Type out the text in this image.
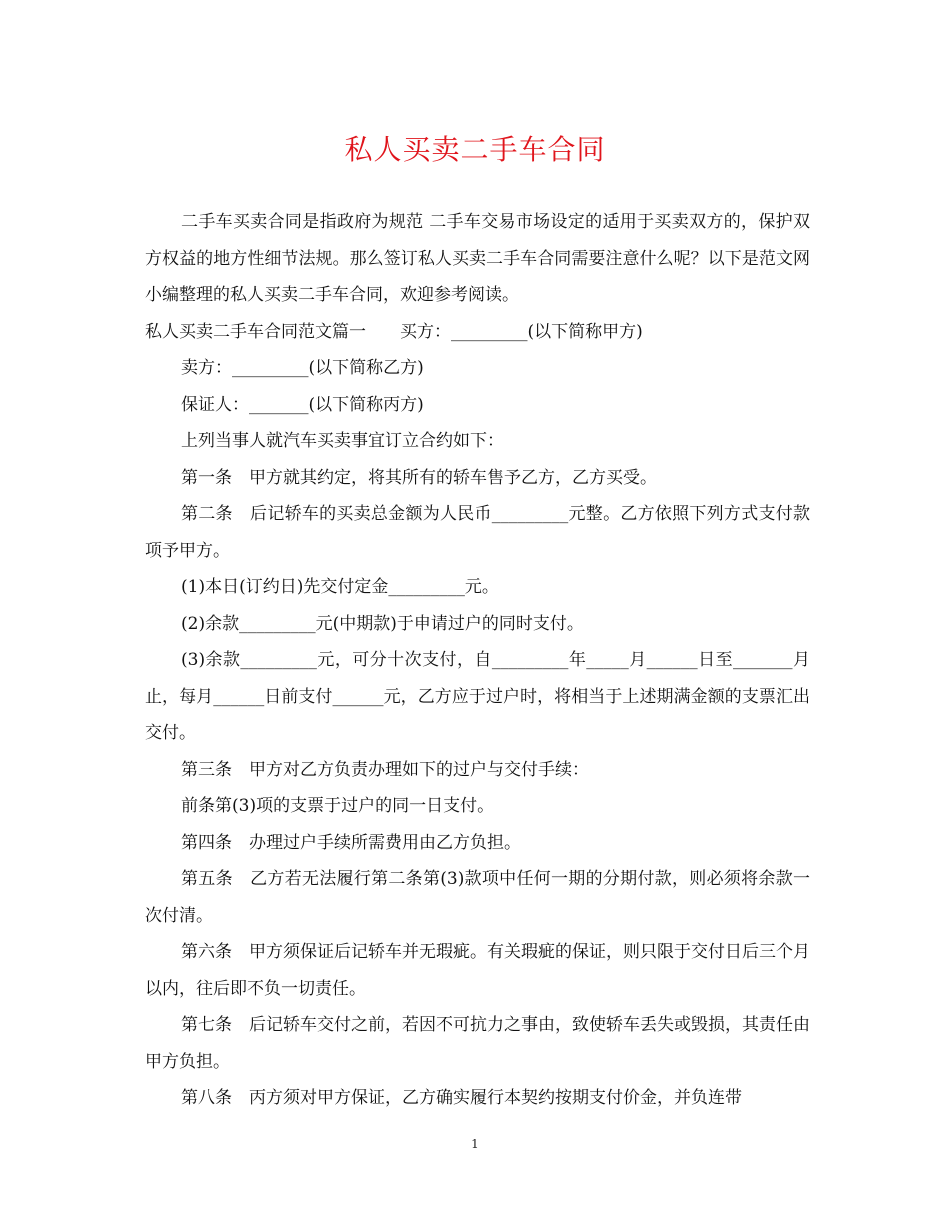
私人买卖二手车合同

二手车买卖合同是指政府为规范 二手车交易市场设定的适用于买卖双方的，保护双方权益的地方性细节法规。那么签订私人买卖二手车合同需要注意什么呢？以下是范文网小编整理的私人买卖二手车合同，欢迎参考阅读。

私人买卖二手车合同范文篇一　　买方：_________(以下简称甲方)

卖方：_________(以下简称乙方)

保证人：_______(以下简称丙方)

上列当事人就汽车买卖事宜订立合约如下：

第一条　甲方就其约定，将其所有的轿车售予乙方，乙方买受。

第二条　后记轿车的买卖总金额为人民币_________元整。乙方依照下列方式支付款项予甲方。

(1)本日(订约日)先交付定金_________元。

(2)余款_________元(中期款)于申请过户的同时支付。

(3)余款_________元，可分十次支付，自_________年_____月______日至_______月止，每月______日前支付______元，乙方应于过户时，将相当于上述期满金额的支票汇出交付。

第三条　甲方对乙方负责办理如下的过户与交付手续：

前条第(3)项的支票于过户的同一日支付。

第四条　办理过户手续所需费用由乙方负担。

第五条　乙方若无法履行第二条第(3)款项中任何一期的分期付款，则必须将余款一次付清。

第六条　甲方须保证后记轿车并无瑕疵。有关瑕疵的保证，则只限于交付日后三个月以内，往后即不负一切责任。

第七条　后记轿车交付之前，若因不可抗力之事由，致使轿车丢失或毁损，其责任由甲方负担。

第八条　丙方须对甲方保证，乙方确实履行本契约按期支付价金，并负连带

1
